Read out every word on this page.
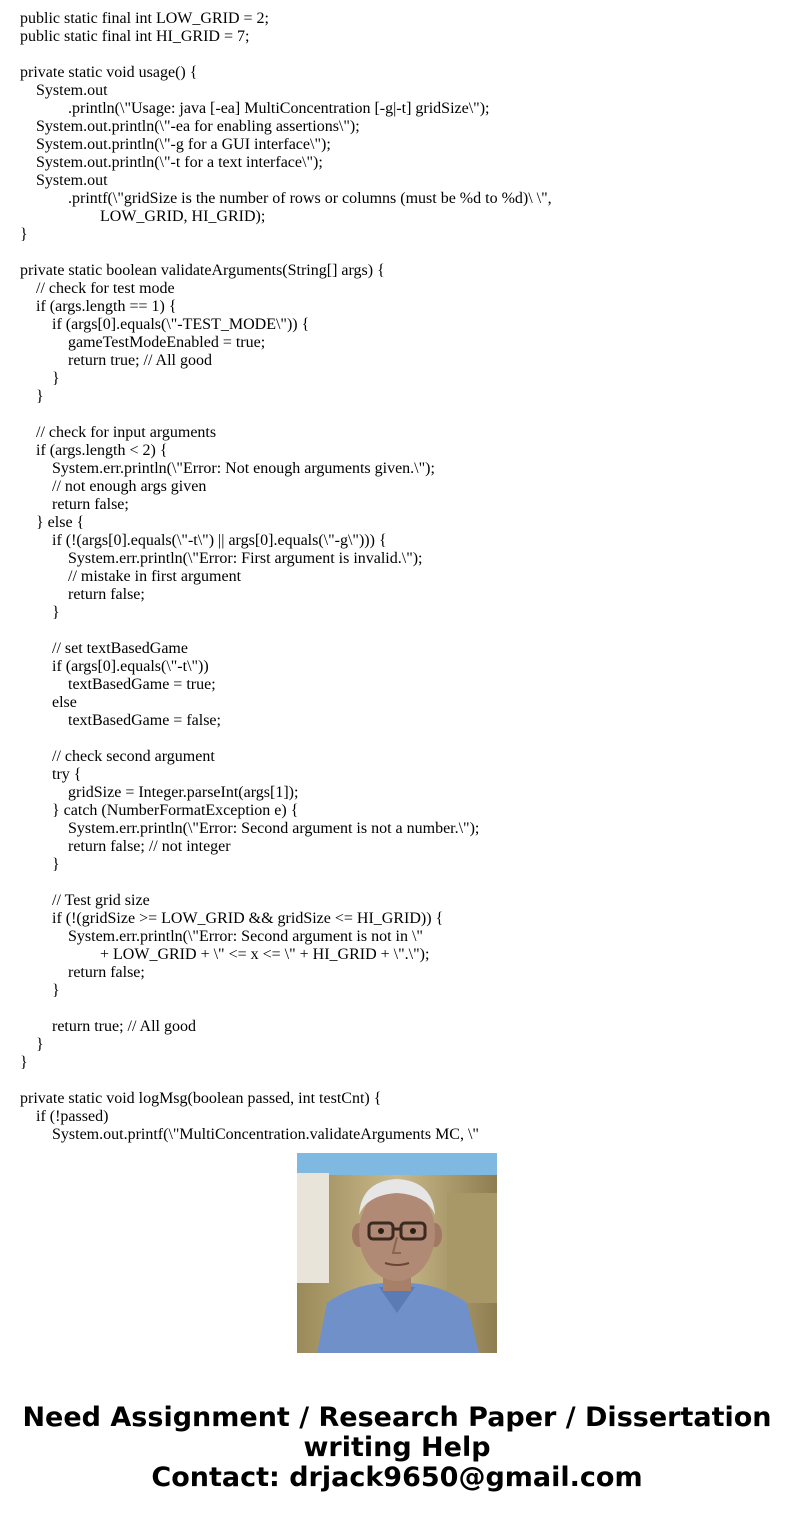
public static final int LOW_GRID = 2;
public static final int HI_GRID = 7;
private static void usage() {
System.out
.println(\"Usage: java [-ea] MultiConcentration [-g|-t] gridSize\");
System.out.println(\"-ea for enabling assertions\");
System.out.println(\"-g for a GUI interface\");
System.out.println(\"-t for a text interface\");
System.out
.printf(\"gridSize is the number of rows or columns (must be %d to %d)\ \",
LOW_GRID, HI_GRID);
}
private static boolean validateArguments(String[] args) {
// check for test mode
if (args.length == 1) {
if (args[0].equals(\"-TEST_MODE\")) {
gameTestModeEnabled = true;
return true; // All good
}
}
// check for input arguments
if (args.length < 2) {
System.err.println(\"Error: Not enough arguments given.\");
// not enough args given
return false;
} else {
if (!(args[0].equals(\"-t\") || args[0].equals(\"-g\"))) {
System.err.println(\"Error: First argument is invalid.\");
// mistake in first argument
return false;
}
// set textBasedGame
if (args[0].equals(\"-t\"))
textBasedGame = true;
else
textBasedGame = false;
// check second argument
try {
gridSize = Integer.parseInt(args[1]);
} catch (NumberFormatException e) {
System.err.println(\"Error: Second argument is not a number.\");
return false; // not integer
}
// Test grid size
if (!(gridSize >= LOW_GRID && gridSize <= HI_GRID)) {
System.err.println(\"Error: Second argument is not in \"
+ LOW_GRID + \" <= x <= \" + HI_GRID + \".\");
return false;
}
return true; // All good
}
}
private static void logMsg(boolean passed, int testCnt) {
if (!passed)
System.out.printf(\"MultiConcentration.validateArguments MC, \"
Need Assignment / Research Paper / Dissertation
writing Help
Contact: drjack9650@gmail.com
